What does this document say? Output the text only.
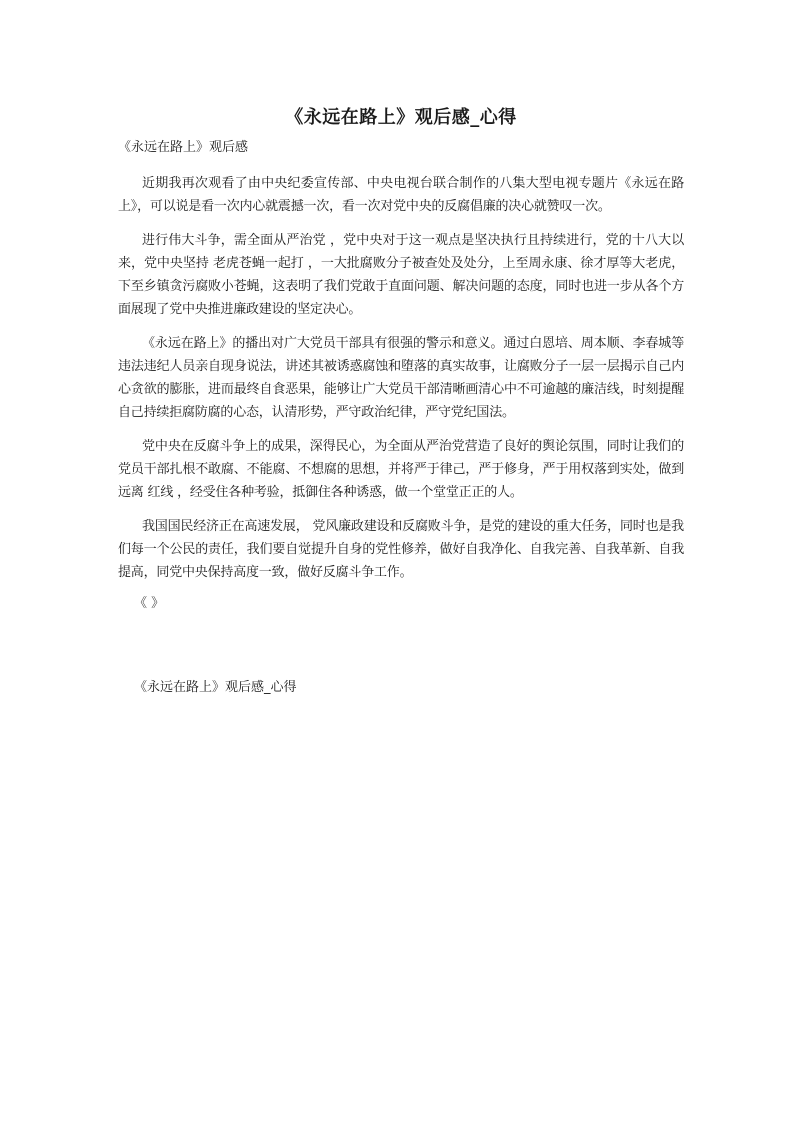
《永远在路上》观后感_心得

《永远在路上》观后感

近期我再次观看了由中央纪委宣传部、中央电视台联合制作的八集大型电视专题片《永远在路上》，可以说是看一次内心就震撼一次，看一次对党中央的反腐倡廉的决心就赞叹一次。

进行伟大斗争，需全面从严治党 ，党中央对于这一观点是坚决执行且持续进行，党的十八大以来，党中央坚持 老虎苍蝇一起打 ，一大批腐败分子被查处及处分，上至周永康、徐才厚等大老虎，下至乡镇贪污腐败小苍蝇，这表明了我们党敢于直面问题、解决问题的态度，同时也进一步从各个方面展现了党中央推进廉政建设的坚定决心。

《永远在路上》的播出对广大党员干部具有很强的警示和意义。通过白恩培、周本顺、李春城等违法违纪人员亲自现身说法，讲述其被诱惑腐蚀和堕落的真实故事，让腐败分子一层一层揭示自己内心贪欲的膨胀，进而最终自食恶果，能够让广大党员干部清晰画清心中不可逾越的廉洁线，时刻提醒自己持续拒腐防腐的心态，认清形势，严守政治纪律，严守党纪国法。

党中央在反腐斗争上的成果，深得民心，为全面从严治党营造了良好的舆论氛围，同时让我们的党员干部扎根不敢腐、不能腐、不想腐的思想，并将严于律己，严于修身，严于用权落到实处，做到远离 红线 ，经受住各种考验，抵御住各种诱惑，做一个堂堂正正的人。

我国国民经济正在高速发展， 党风廉政建设和反腐败斗争，是党的建设的重大任务，同时也是我们每一个公民的责任，我们要自觉提升自身的党性修养，做好自我净化、自我完善、自我革新、自我提高，同党中央保持高度一致，做好反腐斗争工作。

《 》

《永远在路上》观后感_心得
